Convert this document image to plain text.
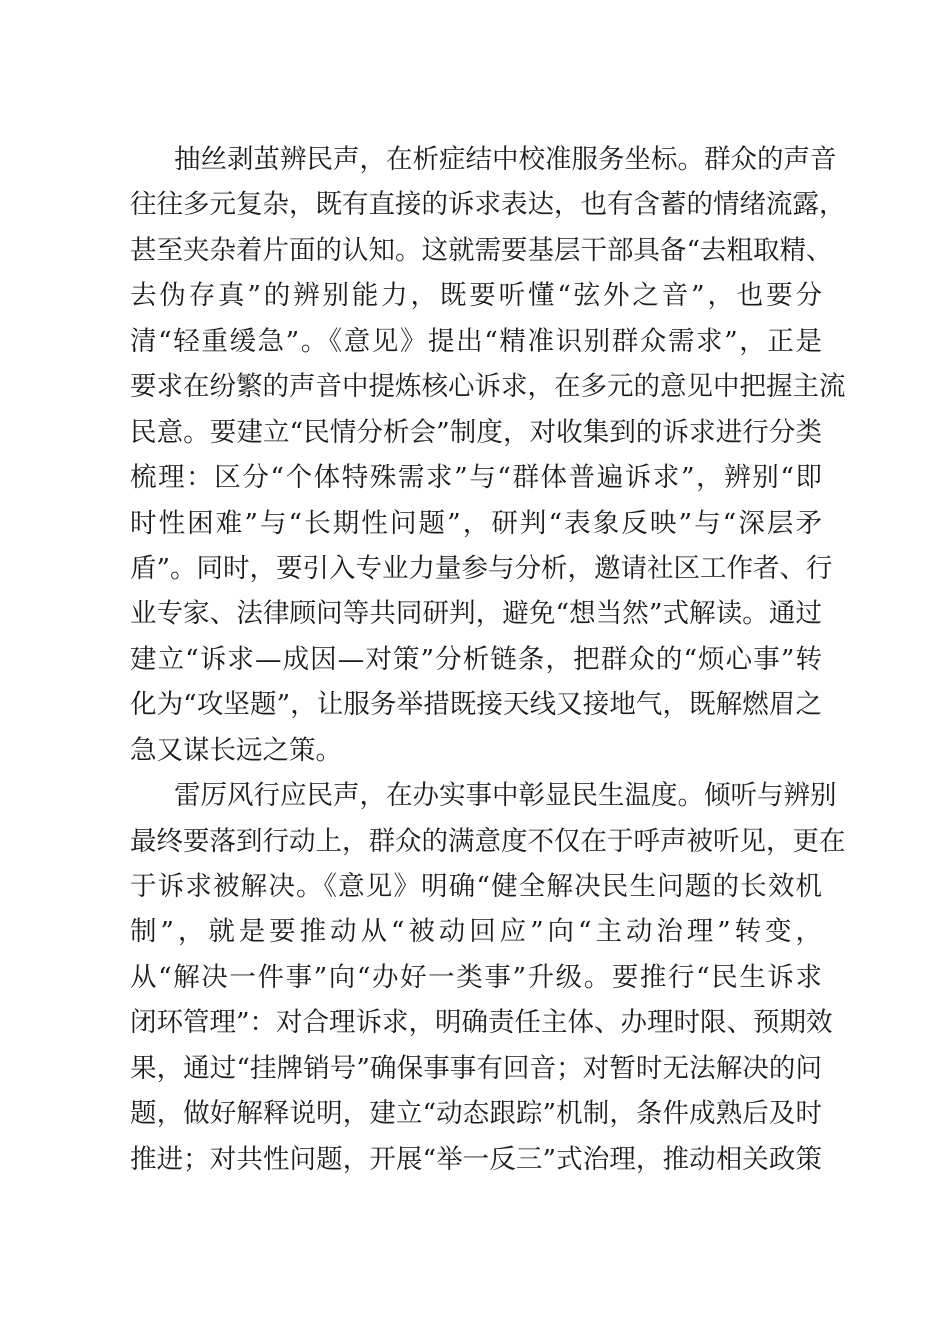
抽丝剥茧辨民声，在析症结中校准服务坐标。群众的声音
往往多元复杂，既有直接的诉求表达，也有含蓄的情绪流露，
甚至夹杂着片面的认知。这就需要基层干部具备“去粗取精、
去伪存真”的辨别能力，既要听懂“弦外之音”，也要分
清“轻重缓急”。《意见》提出“精准识别群众需求”，正是
要求在纷繁的声音中提炼核心诉求，在多元的意见中把握主流
民意。要建立“民情分析会”制度，对收集到的诉求进行分类
梳理：区分“个体特殊需求”与“群体普遍诉求”，辨别“即
时性困难”与“长期性问题”，研判“表象反映”与“深层矛
盾”。同时，要引入专业力量参与分析，邀请社区工作者、行
业专家、法律顾问等共同研判，避免“想当然”式解读。通过
建立“诉求—成因—对策”分析链条，把群众的“烦心事”转
化为“攻坚题”，让服务举措既接天线又接地气，既解燃眉之
急又谋长远之策。
雷厉风行应民声，在办实事中彰显民生温度。倾听与辨别
最终要落到行动上，群众的满意度不仅在于呼声被听见，更在
于诉求被解决。《意见》明确“健全解决民生问题的长效机
制”，就是要推动从“被动回应”向“主动治理”转变，
从“解决一件事”向“办好一类事”升级。要推行“民生诉求
闭环管理”：对合理诉求，明确责任主体、办理时限、预期效
果，通过“挂牌销号”确保事事有回音；对暂时无法解决的问
题，做好解释说明，建立“动态跟踪”机制，条件成熟后及时
推进；对共性问题，开展“举一反三”式治理，推动相关政策
